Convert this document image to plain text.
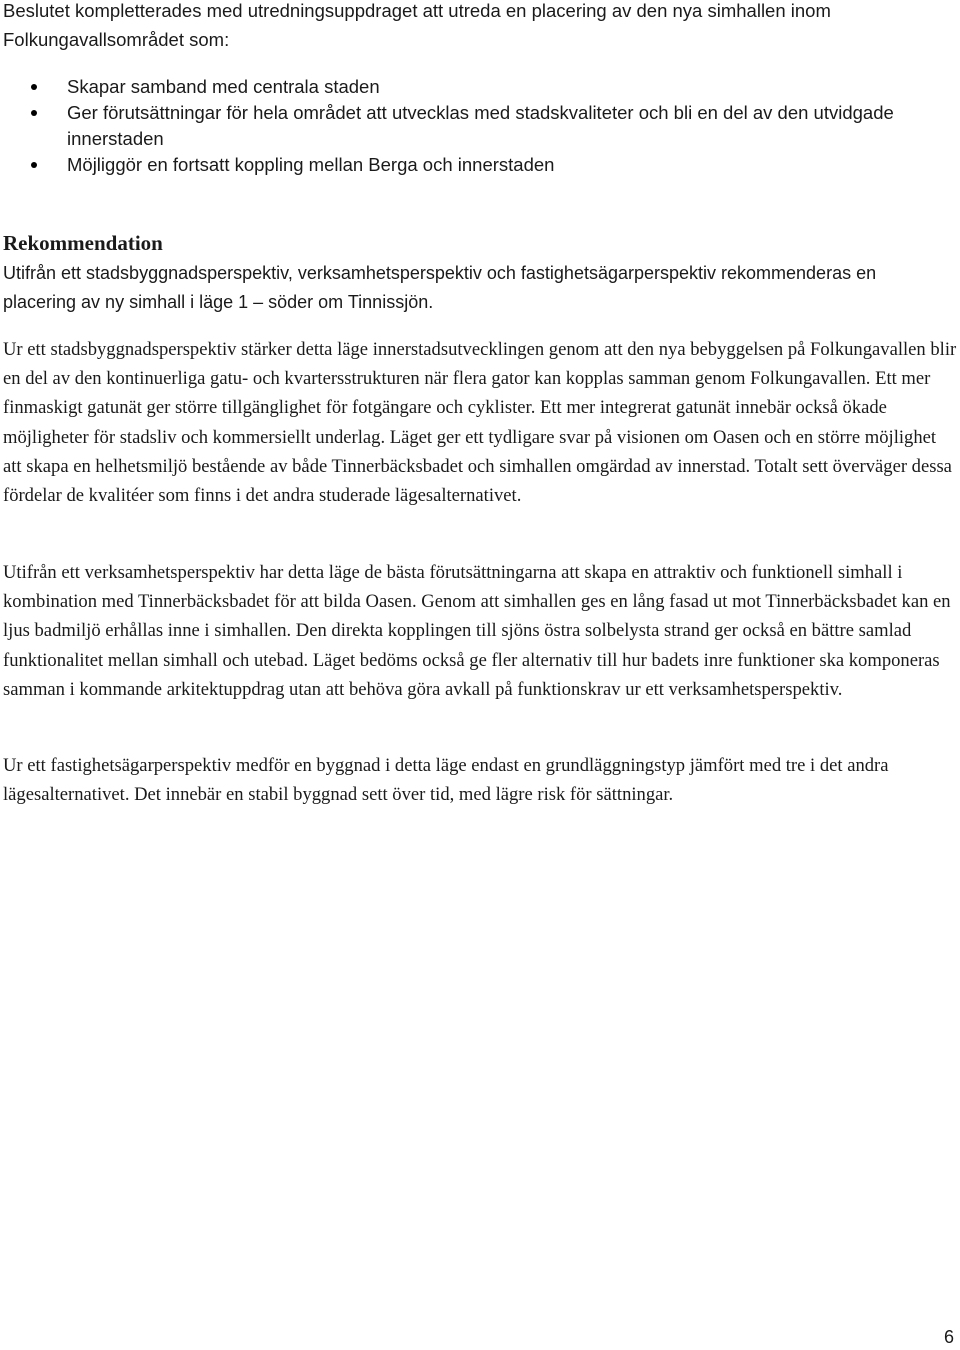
Beslutet kompletterades med utredningsuppdraget att utreda en placering av den nya simhallen inom Folkungavallsområdet som:

Skapar samband med centrala staden
Ger förutsättningar för hela området att utvecklas med stadskvaliteter och bli en del av den utvidgade innerstaden
Möjliggör en fortsatt koppling mellan Berga och innerstaden
Rekommendation

Utifrån ett stadsbyggnadsperspektiv, verksamhetsperspektiv och fastighetsägarperspektiv rekommenderas en placering av ny simhall i läge 1 – söder om Tinnissjön.

Ur ett stadsbyggnadsperspektiv stärker detta läge innerstadsutvecklingen genom att den nya bebyggelsen på Folkungavallen blir en del av den kontinuerliga gatu- och kvartersstrukturen när flera gator kan kopplas samman genom Folkungavallen. Ett mer finmaskigt gatunät ger större tillgänglighet för fotgängare och cyklister. Ett mer integrerat gatunät innebär också ökade möjligheter för stadsliv och kommersiellt underlag. Läget ger ett tydligare svar på visionen om Oasen och en större möjlighet att skapa en helhetsmiljö bestående av både Tinnerbäcksbadet och simhallen omgärdad av innerstad. Totalt sett överväger dessa fördelar de kvalitéer som finns i det andra studerade lägesalternativet.

Utifrån ett verksamhetsperspektiv har detta läge de bästa förutsättningarna att skapa en attraktiv och funktionell simhall i kombination med Tinnerbäcksbadet för att bilda Oasen. Genom att simhallen ges en lång fasad ut mot Tinnerbäcksbadet kan en ljus badmiljö erhållas inne i simhallen. Den direkta kopplingen till sjöns östra solbelysta strand ger också en bättre samlad funktionalitet mellan simhall och utebad. Läget bedöms också ge fler alternativ till hur badets inre funktioner ska komponeras samman i kommande arkitektuppdrag utan att behöva göra avkall på funktionskrav ur ett verksamhetsperspektiv.

Ur ett fastighetsägarperspektiv medför en byggnad i detta läge endast en grundläggningstyp jämfört med tre i det andra lägesalternativet. Det innebär en stabil byggnad sett över tid, med lägre risk för sättningar.

6
